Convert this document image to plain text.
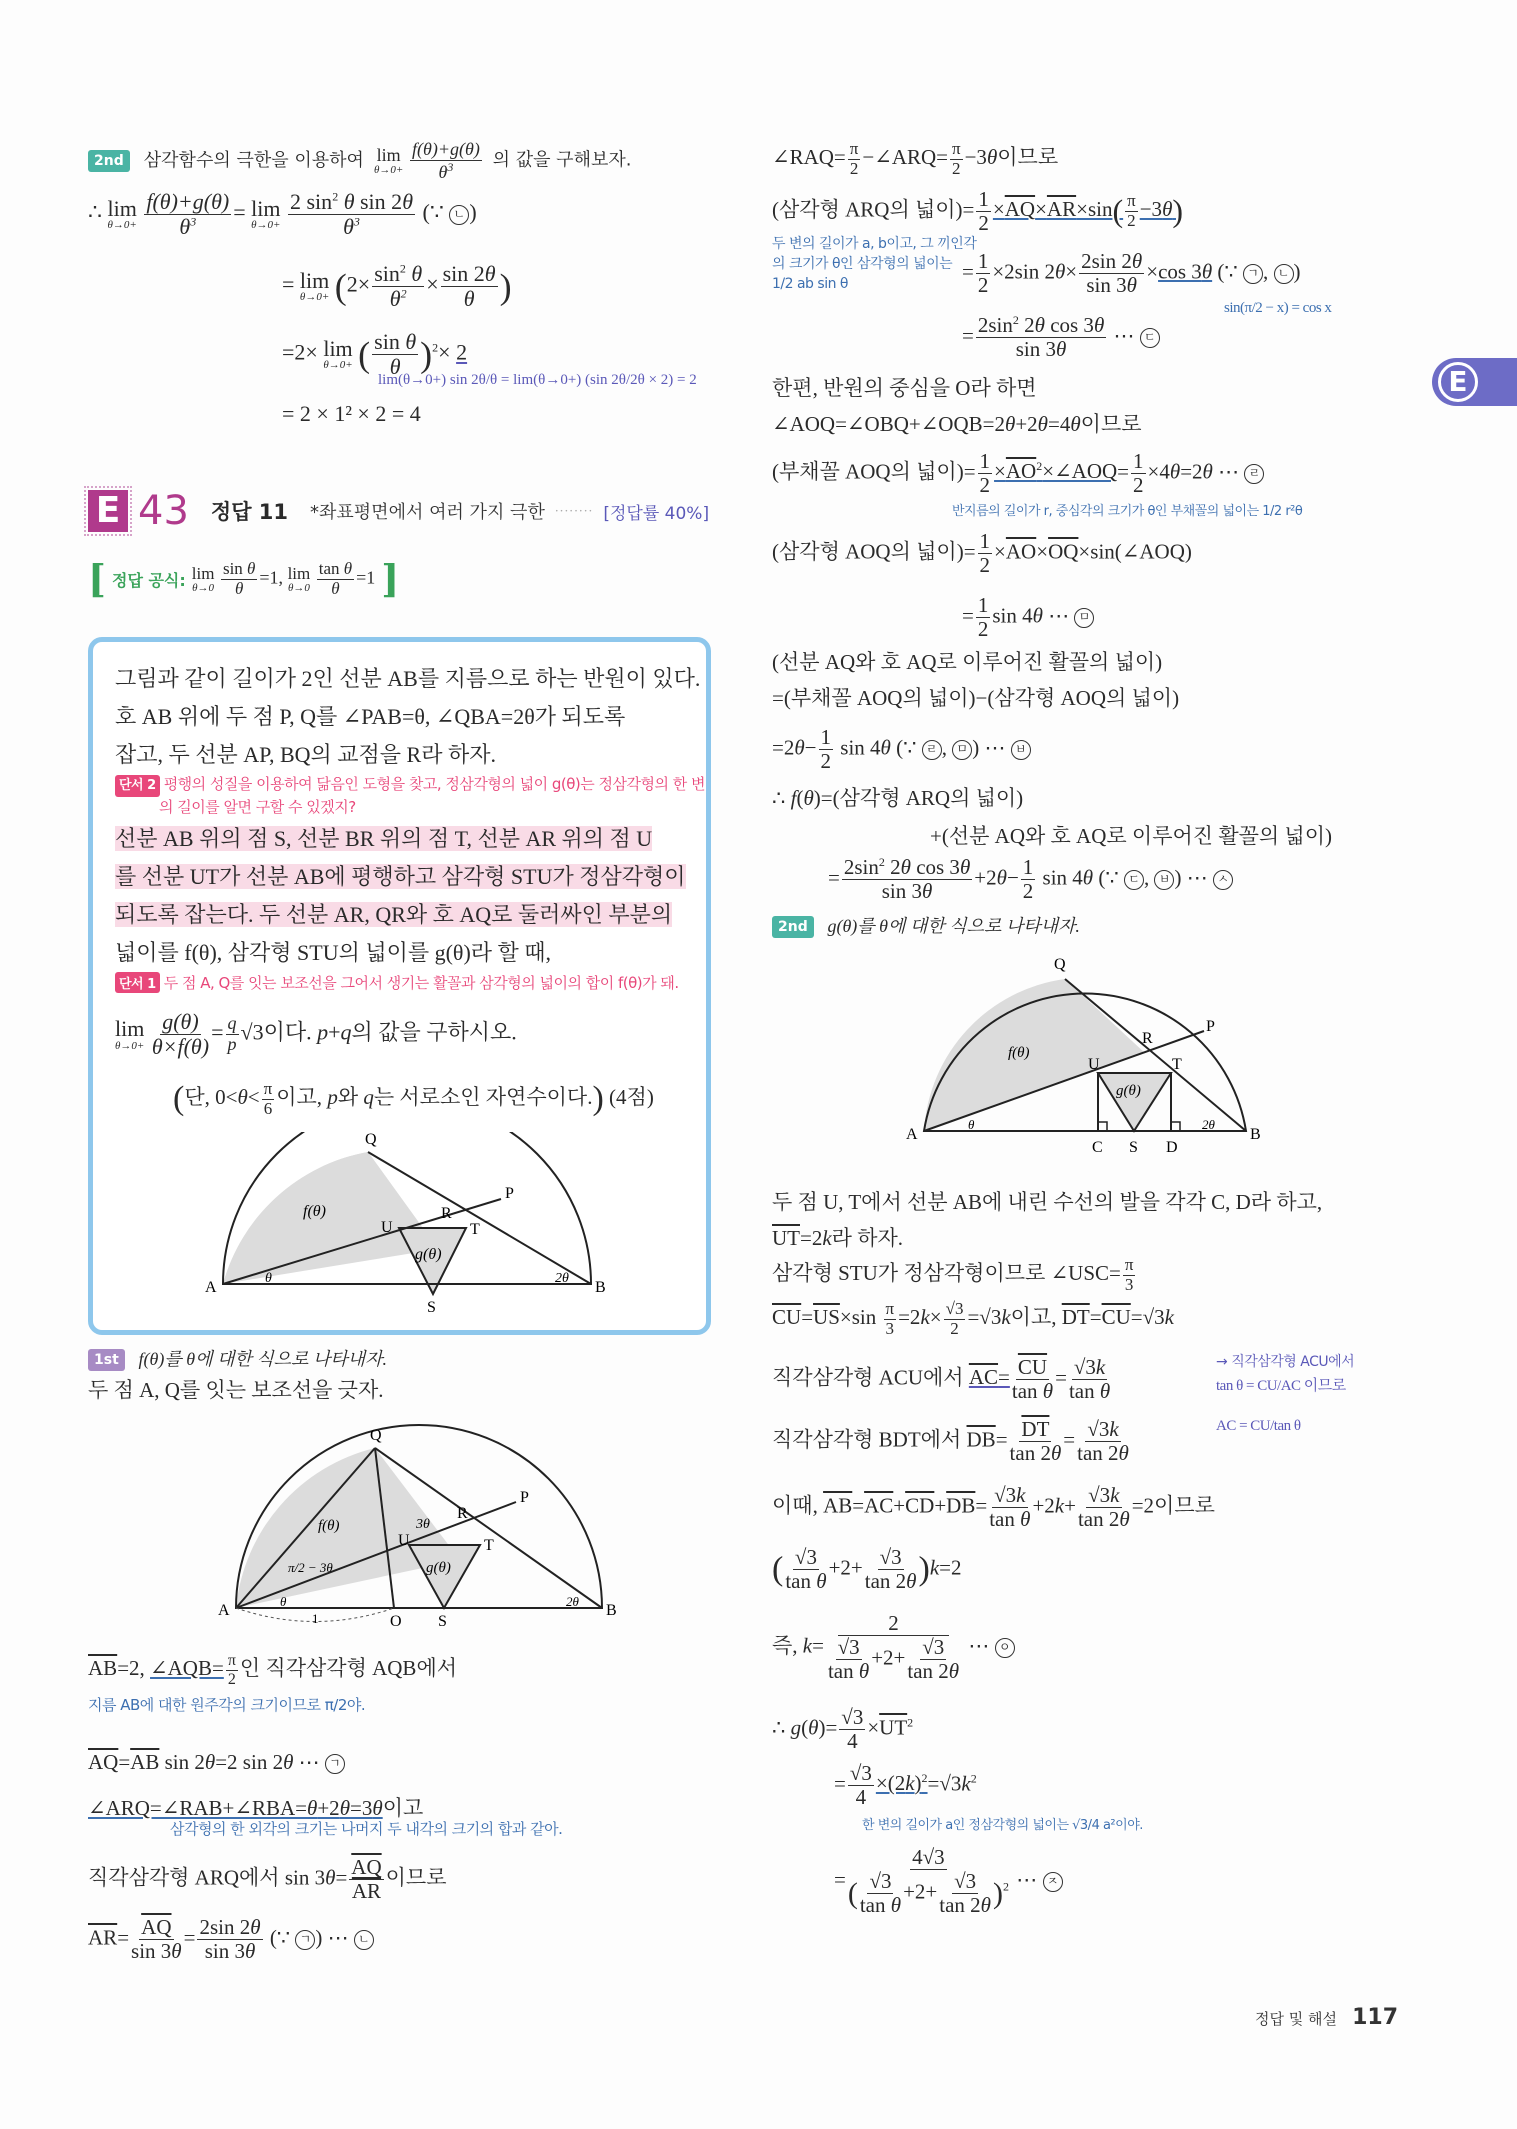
E
2nd 삼각함수의 극한을 이용하여 lim
θ→0+
$\frac{f(\theta)+g(\theta)}{\theta^3}$ 의 값을 구해보자.
∴ lim
θ→0+
$\frac{f(\theta)+g(\theta)}{\theta^3} = \lim$
θ→0+
$\frac{2 \sin^2 \theta \sin 2\theta}{\theta^3}$ (∵ ㄴ )
= lim
$\theta\to 0+ (2\times \frac{\sin^2 \theta}{\theta^2} \times \frac{\sin 2\theta}{\theta}$ )
=2× lim
θ→0+ ( $\frac{\text{sin θ}}{\theta} )^2\times 2$
lim(θ→0+) sin 2θ/θ = lim(θ→0+) (sin 2θ/2θ × 2) = 2
= 2 × 1² × 2 = 4
E 43 정답 11 *좌표평면에서 여러 가지 극한 ········ [정답률 40%]
[ 정답 공식: lim
θ→0
$\frac{\text{sin θ}}{\theta} =1$, lim
θ→0
$\frac{\text{tan θ}}{\theta} =1$ ]
그림과 같이 길이가 2인 선분 AB를 지름으로 하는 반원이 있다.
호 AB 위에 두 점 P, Q를 ∠PAB=θ, ∠QBA=2θ가 되도록
잡고, 두 선분 AP, BQ의 교점을 R라 하자.
단서 2 평행의 성질을 이용하여 닮음인 도형을 찾고, 정삼각형의 넓이 g(θ)는 정삼각형의 한 변
의 길이를 알면 구할 수 있겠지?
선분 AB 위의 점 S, 선분 BR 위의 점 T, 선분 AR 위의 점 U
를 선분 UT가 선분 AB에 평행하고 삼각형 STU가 정삼각형이
되도록 잡는다. 두 선분 AR, QR와 호 AQ로 둘러싸인 부분의
넓이를 f(θ), 삼각형 STU의 넓이를 g(θ)라 할 때,
단서 1 두 점 A, Q를 잇는 보조선을 그어서 생기는 활꼴과 삼각형의 넓이의 합이 f(θ)가 돼.
lim
θ→0+
$\frac{g(\theta)}{\theta\times f(\theta)} = \frac{q}{p} √3$이다. p+q의 값을 구하시오.
(단, $0<\theta< \frac{\pi}{6}$ 이고, p와 q는 서로소인 자연수이다.) (4점)
Q
P
R
U	T
S
A	B
f(θ)
g(θ)
θ	2θ
1st f(θ)를 θ에 대한 식으로 나타내자.
두 점 A, Q를 잇는 보조선을 긋자.
Q
P
R
U	T
S
O
A	B
1
f(θ)
g(θ)
3θ
π/2 − 3θ
θ	2θ
$\overline{AB}=2$, ∠AQB= $\frac{\pi}{2}$ 인 직각삼각형 AQB에서
지름 AB에 대한 원주각의 크기이므로 π/2야.
$\overline{AQ}=\overline{AB}$ sin 2θ=2 sin 2θ ⋯ ㄱ
∠ARQ=∠RAB+∠RBA=θ+2θ=3θ이고
삼각형의 한 외각의 크기는 나머지 두 내각의 크기의 합과 같아.
직각삼각형 ARQ에서 $\sin 3\theta= \frac{\overline{AQ}}{AR}$ 이므로
$\overline{AR}= \frac{\overline{AQ}}{\sin 3\theta} = \frac{2\sin 2\theta}{\sin 3\theta}$ (∵ ㄱ ) ⋯ ㄴ
∠RAQ= $\frac{\pi}{2}$ −∠ARQ= $\frac{\pi}{2} -3\theta$이므로
(삼각형 ARQ의 넓이)= $\frac{1}{2} \times AQ\times AR\times\sin( \frac{\pi}{2} -3\theta)$
두 변의 길이가 a, b이고, 그 끼인각
의 크기가 θ인 삼각형의 넓이는
1/2 ab sin θ
= $\frac{1}{2} \times 2\sin$ $2\theta\times \frac{2\sin 2\theta}{\sin 3\theta} \times\cos$ 3θ (∵ ㄱ , ㄴ )
sin(π/2 − x) = cos x
= $\frac{2\sin^2 2\theta \cos 3\theta}{\sin 3\theta}$ ⋯ ㄷ
한편, 반원의 중심을 O라 하면
∠AOQ=∠OBQ+∠OQB=2θ+2θ=4θ이므로
(부채꼴 AOQ의 넓이)= $\frac{1}{2}$ $\times AO^2\times\angle AOQ= \frac{1}{2} \times 4\theta=2\theta$ ⋯ ㄹ
반지름의 길이가 r, 중심각의 크기가 θ인 부채꼴의 넓이는 1/2 r²θ
(삼각형 AOQ의 넓이)= $\frac{1}{2}$ $\times\overline{AO}\times\overline{OQ}\times\sin(\angle AOQ)$
= $\frac{1}{2}$ sin 4θ ⋯ ㅁ
(선분 AQ와 호 AQ로 이루어진 활꼴의 넓이)
=(부채꼴 AOQ의 넓이)−(삼각형 AOQ의 넓이)
$=2\theta- \frac{1}{2}$ sin 4θ (∵ ㄹ , ㅁ ) ⋯ ㅂ
∴ f(θ)=(삼각형 ARQ의 넓이)
+(선분 AQ와 호 AQ로 이루어진 활꼴의 넓이)
= $\frac{2\sin^2 2\theta \cos 3\theta}{\sin 3\theta} +2\theta- \frac{1}{2}$ sin 4θ (∵ ㄷ , ㅂ ) ⋯ ㅅ
2nd g(θ)를 θ에 대한 식으로 나타내자.
Q
P
R
U	T
C S D
A	B
f(θ)
g(θ)
θ	2θ
두 점 U, T에서 선분 AB에 내린 수선의 발을 각각 C, D라 하고,
$\overline{UT}=2k$라 하자.
삼각형 STU가 정삼각형이므로 ∠USC= $\frac{\pi}{3}$
$\overline{CU}=\overline{US}\times\sin \frac{\pi}{3} =2k\times \frac{√3}{2} =√3k$이고, $\overline{DT}=\overline{CU}=√3k$
직각삼각형 ACU에서 $AC= \frac{CU}{\text{tan θ}} = \frac{√3k}{\text{tan θ}}$	→ 직각삼각형 ACU에서
tan θ = CU/AC 이므로
AC = CU/tan θ
직각삼각형 BDT에서 $\overline{DB}= \frac{\overline{DT}}{\tan 2\theta} = \frac{√3k}{\tan 2\theta}$
이때, $\overline{AB}=\overline{AC}+\overline{CD}+\overline{DB}= \frac{√3k}{\text{tan θ}} +2k+ \frac{√3k}{\tan 2\theta} =2$이므로
( $\frac{√3}{\text{tan θ}} +2+ \frac{√3}{\tan 2\theta} )k=2$
즉, $k= \frac{2}{\frac{√3}{\text{tan θ}} +2+ \frac{√3}{\tan 2\theta}}$ ⋯ ㅇ
∴ $g(\theta)= \frac{√3}{4} \times\overline{UT}^2$
= $\frac{√3}{4} \times(2k)^2=√3k^2$
한 변의 길이가 a인 정삼각형의 넓이는 √3/4 a²이야.
= $\frac{4√3}{( \frac{√3}{\text{tan θ}} +2+ \frac{√3}{\tan 2\theta} )^2}$ ⋯ ㅈ
정답 및 해설 117
